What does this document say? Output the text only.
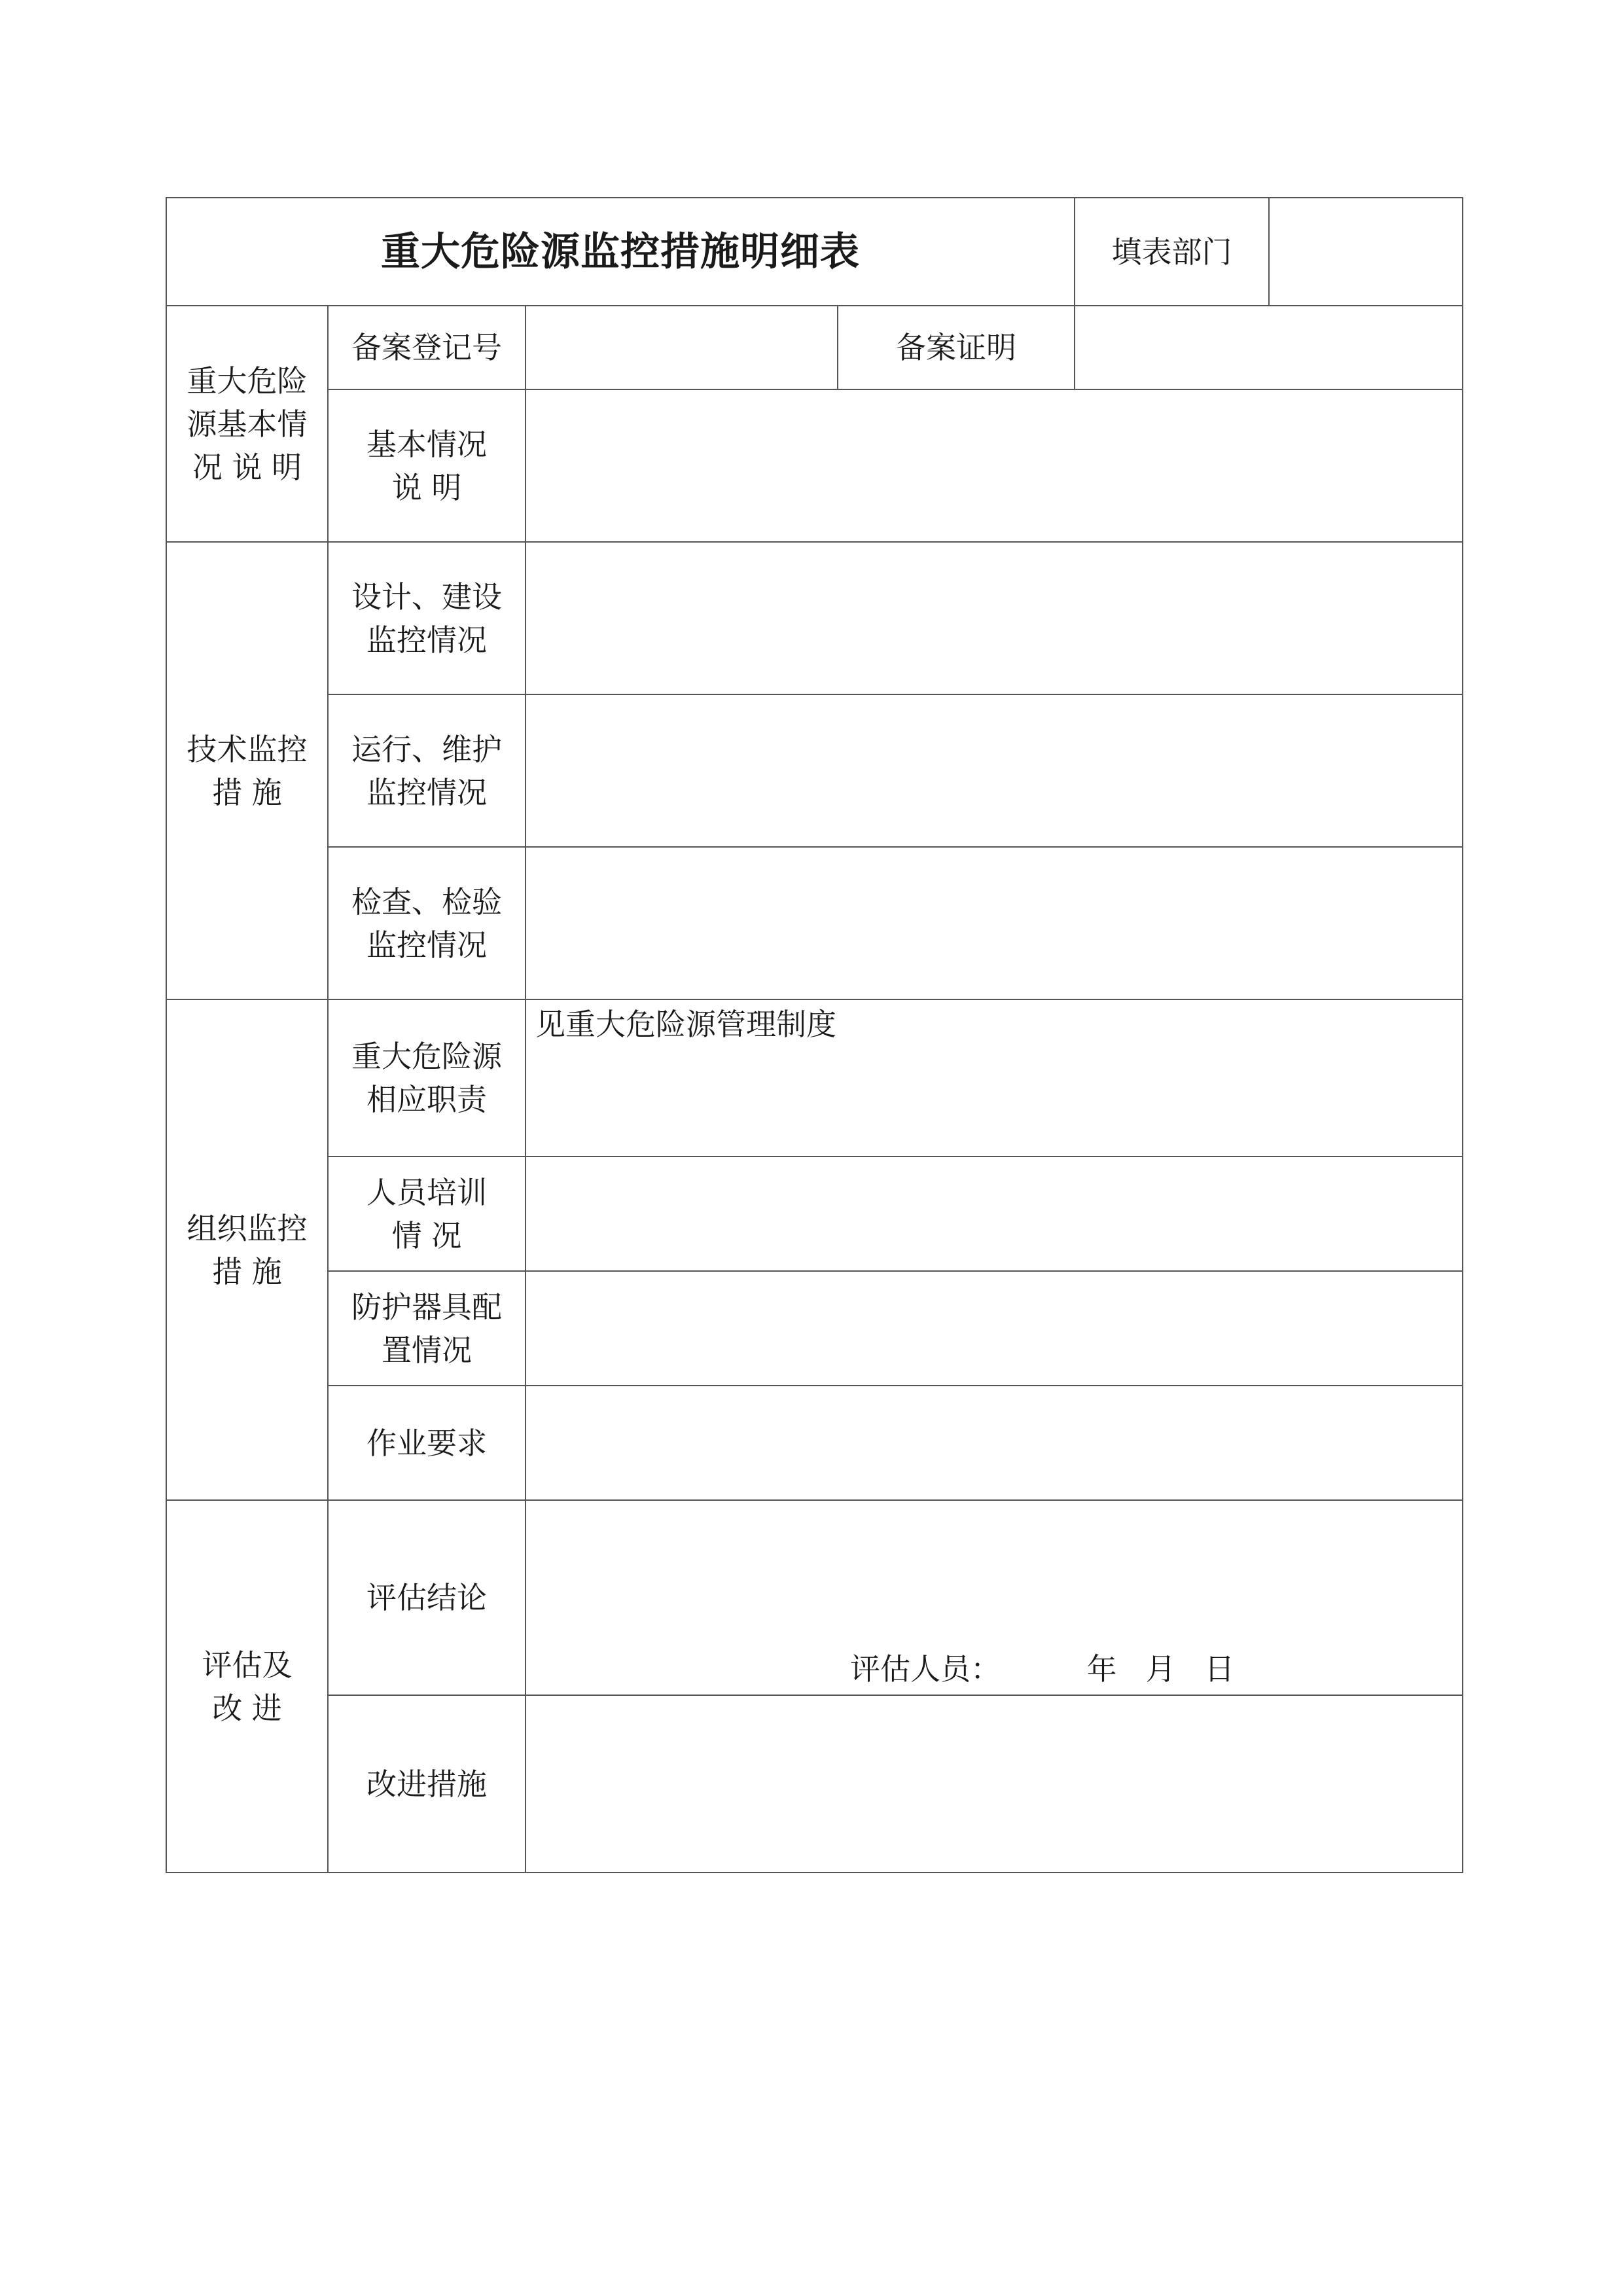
重大危险源监控措施明细表				填表部门	

重大危险
源基本情
况 说 明	备案登记号		备案证明		

	基本情况
说 明				

技术监控
措 施	设计、建设
监控情况				

	运行、维护
监控情况				

	检查、检验
监控情况				

组织监控
措 施	重大危险源
相应职责	见重大危险源管理制度			

	人员培训
情 况				

	防护器具配
置情况				

	作业要求				

评估及
改 进	评估结论	评估人员：         年   月   日			

	改进措施				
